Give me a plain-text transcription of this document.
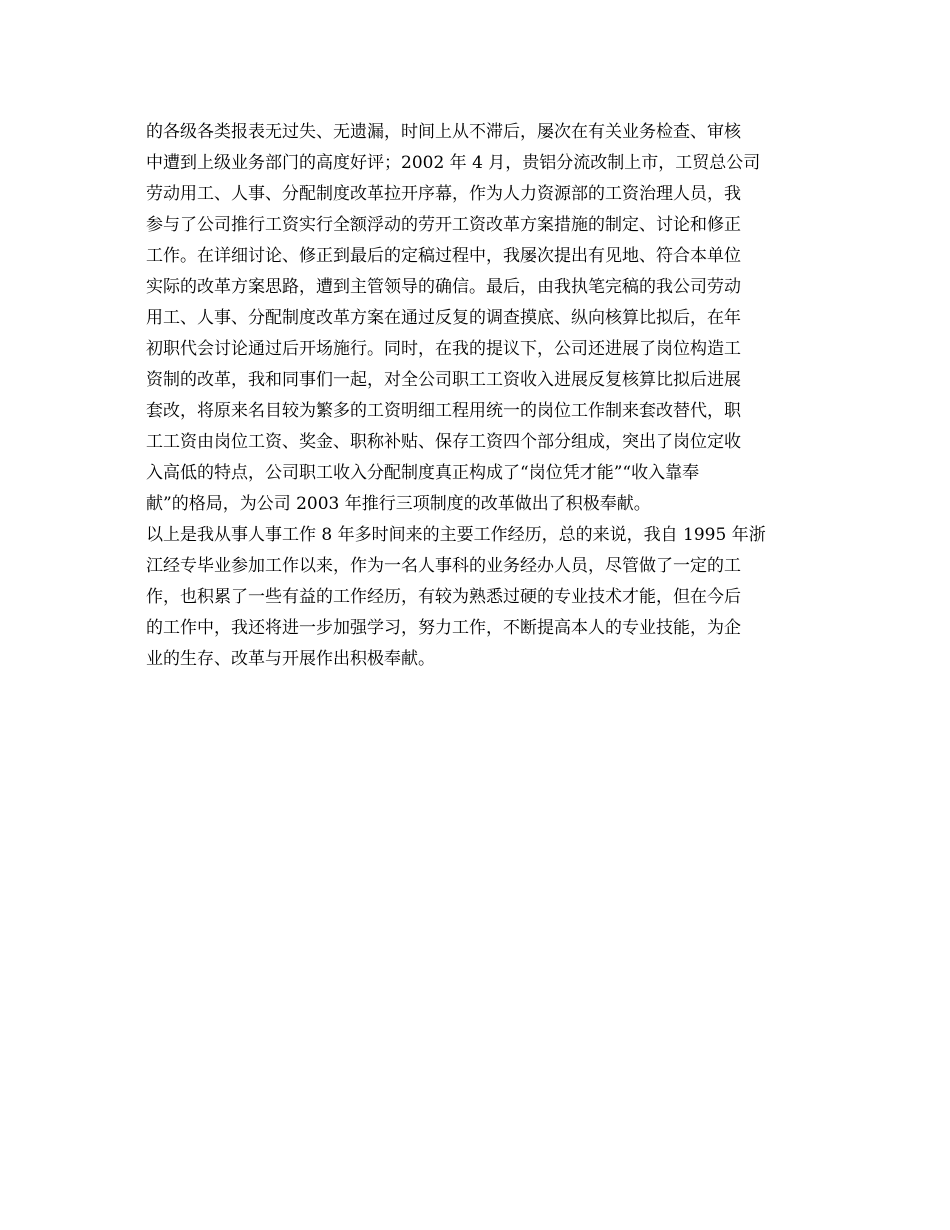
的各级各类报表无过失、无遗漏，时间上从不滞后，屡次在有关业务检查、审核
中遭到上级业务部门的高度好评；2002 年 4 月，贵铝分流改制上市，工贸总公司
劳动用工、人事、分配制度改革拉开序幕，作为人力资源部的工资治理人员，我
参与了公司推行工资实行全额浮动的劳开工资改革方案措施的制定、讨论和修正
工作。在详细讨论、修正到最后的定稿过程中，我屡次提出有见地、符合本单位
实际的改革方案思路，遭到主管领导的确信。最后，由我执笔完稿的我公司劳动
用工、人事、分配制度改革方案在通过反复的调查摸底、纵向核算比拟后，在年
初职代会讨论通过后开场施行。同时，在我的提议下，公司还进展了岗位构造工
资制的改革，我和同事们一起，对全公司职工工资收入进展反复核算比拟后进展
套改，将原来名目较为繁多的工资明细工程用统一的岗位工作制来套改替代，职
工工资由岗位工资、奖金、职称补贴、保存工资四个部分组成，突出了岗位定收
入高低的特点，公司职工收入分配制度真正构成了“岗位凭才能”“收入靠奉
献”的格局，为公司 2003 年推行三项制度的改革做出了积极奉献。
以上是我从事人事工作 8 年多时间来的主要工作经历，总的来说，我自 1995 年浙
江经专毕业参加工作以来，作为一名人事科的业务经办人员，尽管做了一定的工
作，也积累了一些有益的工作经历，有较为熟悉过硬的专业技术才能，但在今后
的工作中，我还将进一步加强学习，努力工作，不断提高本人的专业技能，为企
业的生存、改革与开展作出积极奉献。
